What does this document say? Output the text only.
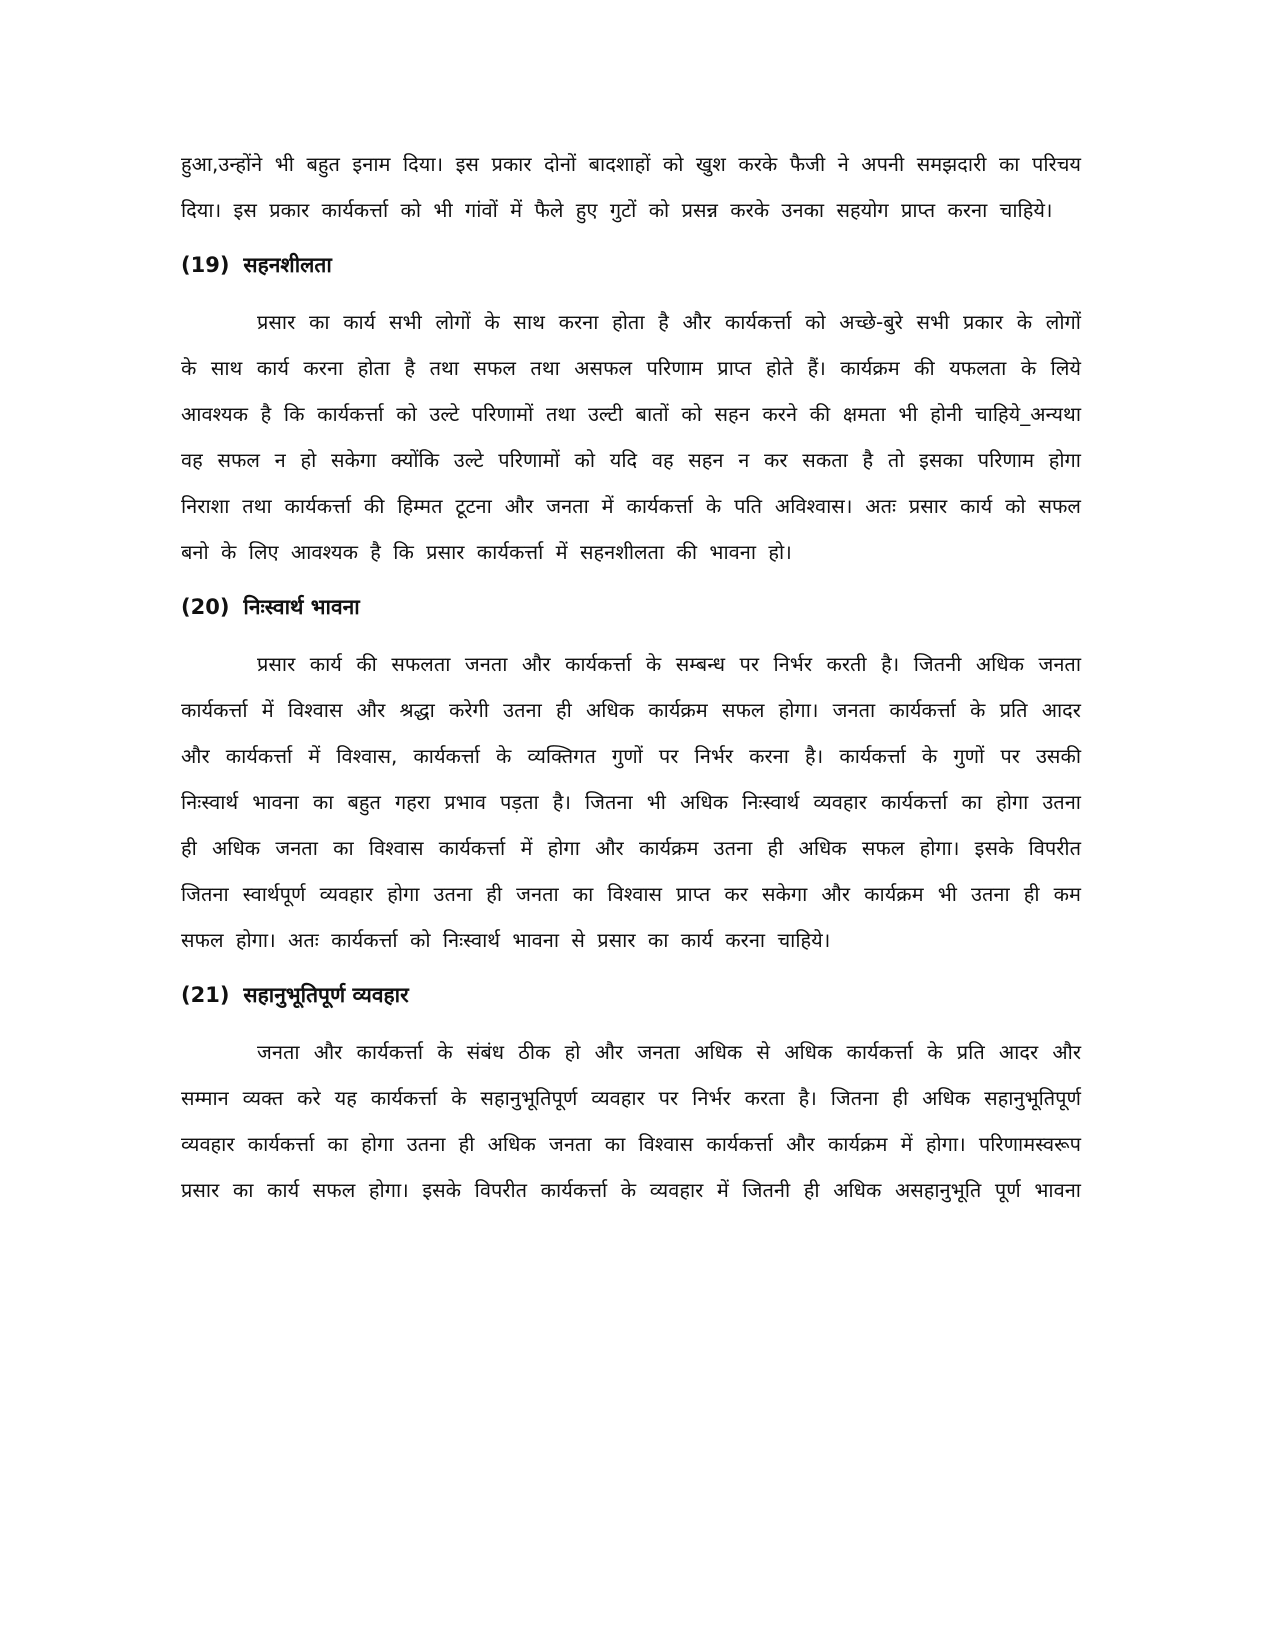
हुआ,उन्होंने भी बहुत इनाम दिया। इस प्रकार दोनों बादशाहों को खुश करके फैजी ने अपनी समझदारी का परिचय दिया। इस प्रकार कार्यकर्त्ता को भी गांवों में फैले हुए गुटों को प्रसन्न करके उनका सहयोग प्राप्त करना चाहिये।

(19) सहनशीलता

प्रसार का कार्य सभी लोगों के साथ करना होता है और कार्यकर्त्ता को अच्छे-बुरे सभी प्रकार के लोगों के साथ कार्य करना होता है तथा सफल तथा असफल परिणाम प्राप्त होते हैं। कार्यक्रम की यफलता के लिये आवश्यक है कि कार्यकर्त्ता को उल्टे परिणामों तथा उल्टी बातों को सहन करने की क्षमता भी होनी चाहिये_अन्यथा वह सफल न हो सकेगा क्योंकि उल्टे परिणामों को यदि वह सहन न कर सकता है तो इसका परिणाम होगा निराशा तथा कार्यकर्त्ता की हिम्मत टूटना और जनता में कार्यकर्त्ता के पति अविश्वास। अतः प्रसार कार्य को सफल बनो के लिए आवश्यक है कि प्रसार कार्यकर्त्ता में सहनशीलता की भावना हो।

(20) निःस्वार्थ भावना

प्रसार कार्य की सफलता जनता और कार्यकर्त्ता के सम्बन्ध पर निर्भर करती है। जितनी अधिक जनता कार्यकर्त्ता में विश्वास और श्रद्धा करेगी उतना ही अधिक कार्यक्रम सफल होगा। जनता कार्यकर्त्ता के प्रति आदर और कार्यकर्त्ता में विश्वास, कार्यकर्त्ता के व्यक्तिगत गुणों पर निर्भर करना है। कार्यकर्त्ता के गुणों पर उसकी निःस्वार्थ भावना का बहुत गहरा प्रभाव पड़ता है। जितना भी अधिक निःस्वार्थ व्यवहार कार्यकर्त्ता का होगा उतना ही अधिक जनता का विश्वास कार्यकर्त्ता में होगा और कार्यक्रम उतना ही अधिक सफल होगा। इसके विपरीत जितना स्वार्थपूर्ण व्यवहार होगा उतना ही जनता का विश्वास प्राप्त कर सकेगा और कार्यक्रम भी उतना ही कम सफल होगा। अतः कार्यकर्त्ता को निःस्वार्थ भावना से प्रसार का कार्य करना चाहिये।

(21) सहानुभूतिपूर्ण व्यवहार

जनता और कार्यकर्त्ता के संबंध ठीक हो और जनता अधिक से अधिक कार्यकर्त्ता के प्रति आदर और सम्मान व्यक्त करे यह कार्यकर्त्ता के सहानुभूतिपूर्ण व्यवहार पर निर्भर करता है। जितना ही अधिक सहानुभूतिपूर्ण व्यवहार कार्यकर्त्ता का होगा उतना ही अधिक जनता का विश्वास कार्यकर्त्ता और कार्यक्रम में होगा। परिणामस्वरूप प्रसार का कार्य सफल होगा। इसके विपरीत कार्यकर्त्ता के व्यवहार में जितनी ही अधिक असहानुभूति पूर्ण भावना
